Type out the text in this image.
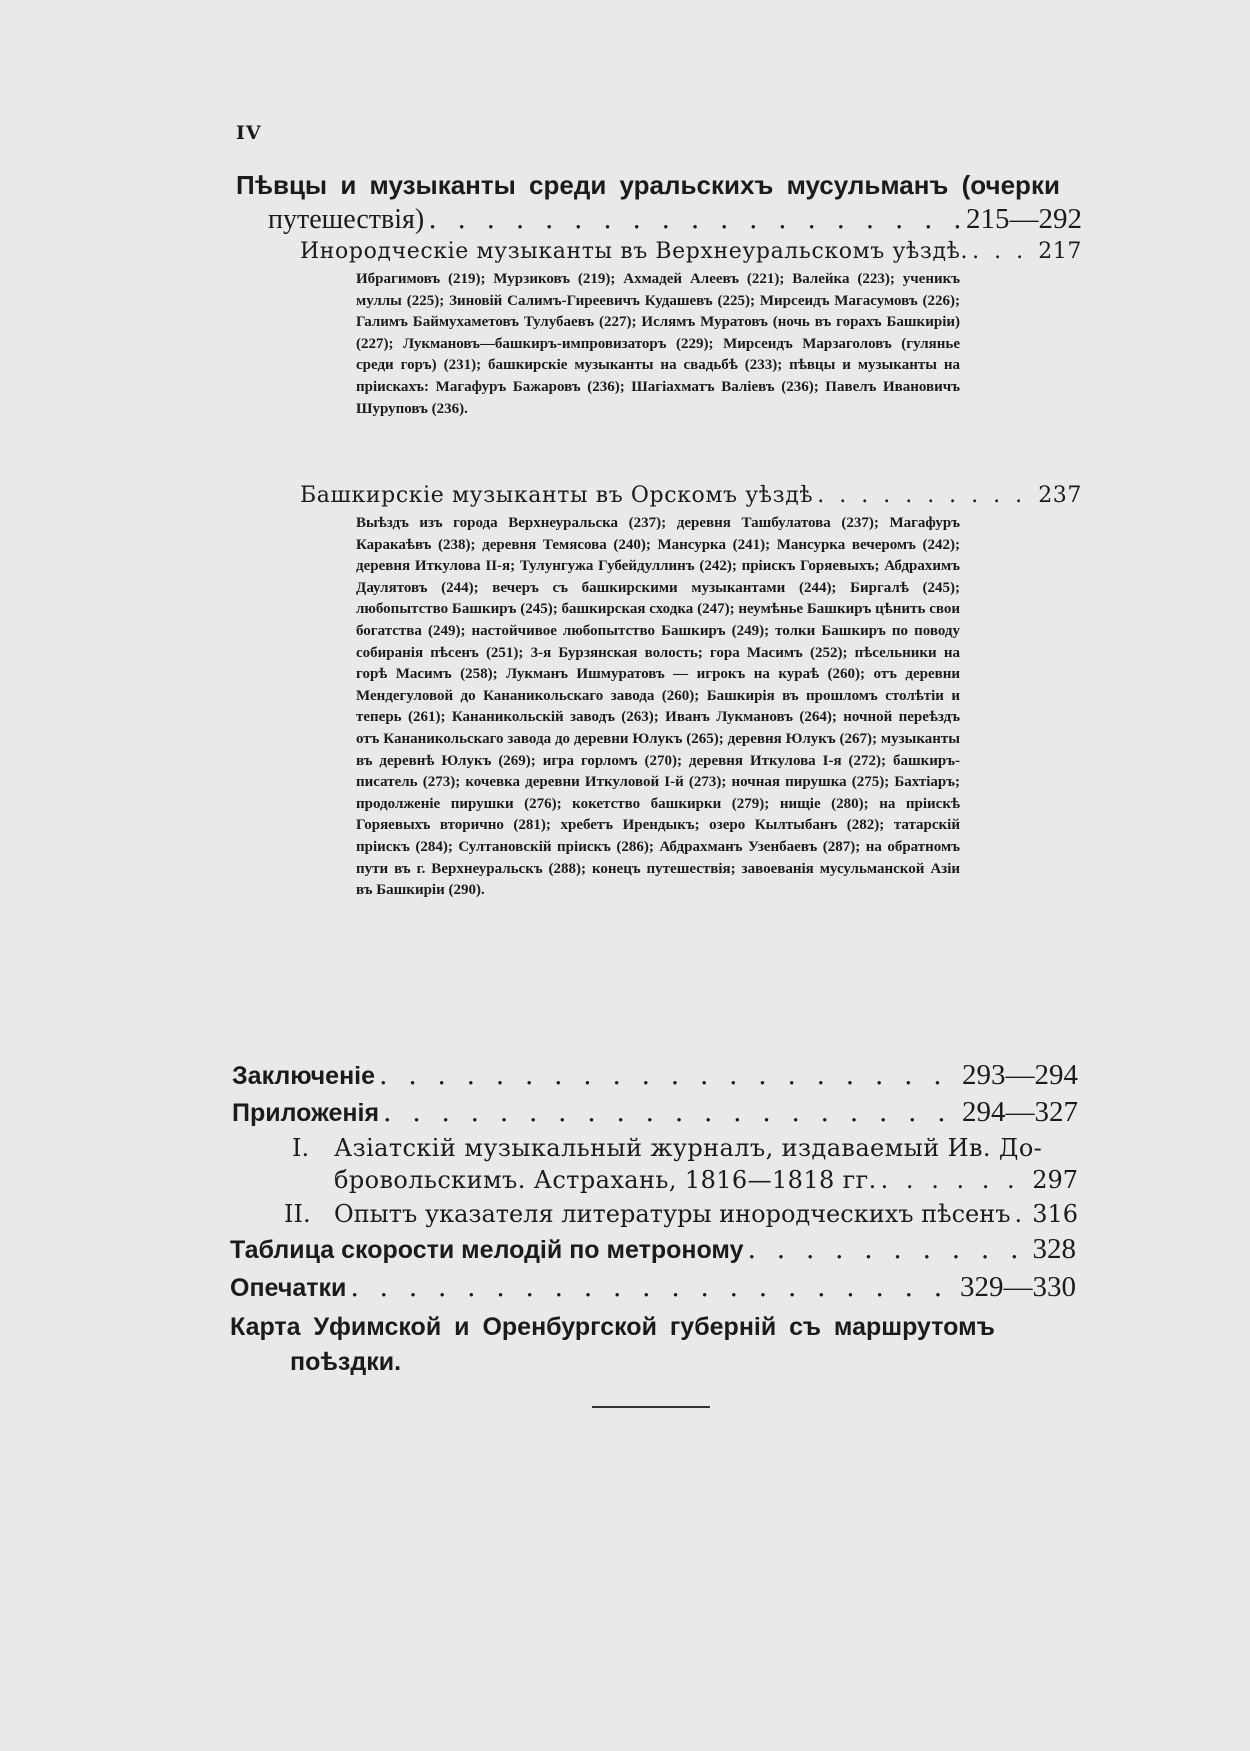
IV
Пѣвцы и музыканты среди уральскихъ мусульманъ (очерки
путешествія) . . .	215—292
Инородческіе музыканты въ Верхнеуральскомъ уѣздѣ. . . .	217
Ибрагимовъ (219); Мурзиковъ (219); Ахмадей Алеевъ (221); Валейка (223); ученикъ муллы (225); Зиновій Салимъ-Гиреевичъ Кудашевъ (225); Мирсеидъ Магасумовъ (226); Галимъ Баймухаметовъ Тулубаевъ (227); Ислямъ Муратовъ (ночь въ горахъ Башкиріи) (227); Лукмановъ—башкиръ-импровизаторъ (229); Мирсеидъ Марзаголовъ (гулянье среди горъ) (231); башкирскіе музыканты на свадьбѣ (233); пѣвцы и музыканты на пріискахъ: Магафуръ Бажаровъ (236); Шагіахматъ Валіевъ (236); Павелъ Ивановичъ Шуруповъ (236).
Башкирскіе музыканты въ Орскомъ уѣздѣ . . .	237
Выѣздъ изъ города Верхнеуральска (237); деревня Ташбулатова (237); Магафуръ Каракаѣвъ (238); деревня Темясова (240); Мансурка (241); Мансурка вечеромъ (242); деревня Иткулова II-я; Тулунгужа Губейдуллинъ (242); пріискъ Горяевыхъ; Абдрахимъ Даулятовъ (244); вечеръ съ башкирскими музыкантами (244); Биргалѣ (245); любопытство Башкиръ (245); башкирская сходка (247); неумѣнье Башкиръ цѣнить свои богатства (249); настойчивое любопытство Башкиръ (249); толки Башкиръ по поводу собиранія пѣсенъ (251); 3-я Бурзянская волость; гора Масимъ (252); пѣсельники на горѣ Масимъ (258); Лукманъ Ишмуратовъ — игрокъ на кураѣ (260); отъ деревни Мендегуловой до Кананикольскаго завода (260); Башкирія въ прошломъ столѣтіи и теперь (261); Кананикольскій заводъ (263); Иванъ Лукмановъ (264); ночной переѣздъ отъ Кананикольскаго завода до деревни Юлукъ (265); деревня Юлукъ (267); музыканты въ деревнѣ Юлукъ (269); игра горломъ (270); деревня Иткулова I-я (272); башкиръ-писатель (273); кочевка деревни Иткуловой I-й (273); ночная пирушка (275); Бахтіаръ; продолженіе пирушки (276); кокетство башкирки (279); нищіе (280); на пріискѣ Горяевыхъ вторично (281); хребетъ Ирендыкъ; озеро Кылтыбанъ (282); татарскій пріискъ (284); Султановскій пріискъ (286); Абдрахманъ Узенбаевъ (287); на обратномъ пути въ г. Верхнеуральскъ (288); конецъ путешествія; завоеванія мусульманской Азіи въ Башкиріи (290).
Заключеніе . . .	293—294
Приложенія . . .	294—327
I.	Азіатскій музыкальный журналъ, издаваемый Ив. До-
бровольскимъ. Астрахань, 1816—1818 гг. . . .	297
II. Опытъ указателя литературы инородческихъ пѣсенъ . . . 316
Таблица скорости мелодій по метроному . . .	328
Опечатки . . .	329—330
Карта Уфимской и Оренбургской губерній съ маршрутомъ
поѣздки.
